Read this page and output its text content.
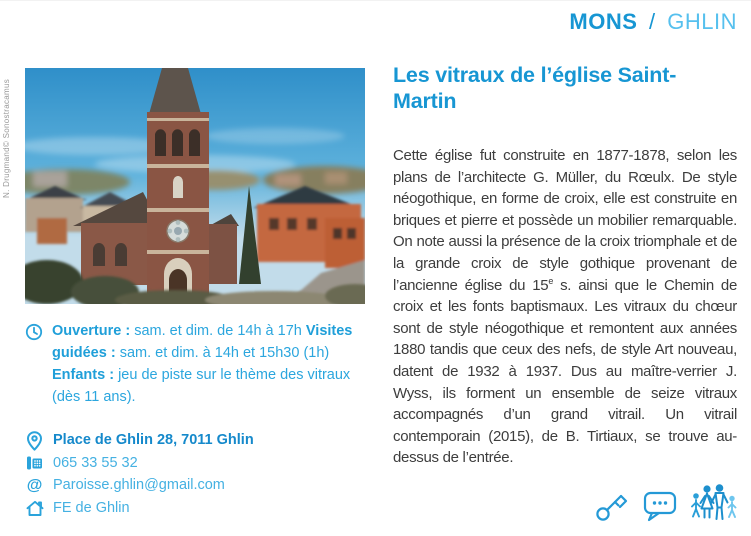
MONS / GHLIN
N. Drugmand© Sonostracamus
Ouverture : sam. et dim. de 14h à 17h Visites guidées : sam. et dim. à 14h et 15h30 (1h) Enfants : jeu de piste sur le thème des vitraux (dès 11 ans).
Place de Ghlin 28, 7011 Ghlin
065 33 55 32
@ Paroisse.ghlin@gmail.com
FE de Ghlin
Les vitraux de l’église Saint-Martin

Cette église fut construite en 1877-1878, selon les plans de l’architecte G. Müller, du Rœulx. De style néogothique, en forme de croix, elle est construite en briques et pierre et possède un mobilier remarquable. On note aussi la présence de la croix triomphale et de la grande croix de style gothique provenant de l’ancienne église du 15e s. ainsi que le Chemin de croix et les fonts baptismaux. Les vitraux du chœur sont de style néogothique et remontent aux années 1880 tandis que ceux des nefs, de style Art nouveau, datent de 1932 à 1937. Dus au maître-verrier J. Wyss, ils forment un ensemble de seize vitraux accompagnés d’un grand vitrail. Un vitrail contemporain (2015), de B. Tirtiaux, se trouve au-dessus de l’entrée.
